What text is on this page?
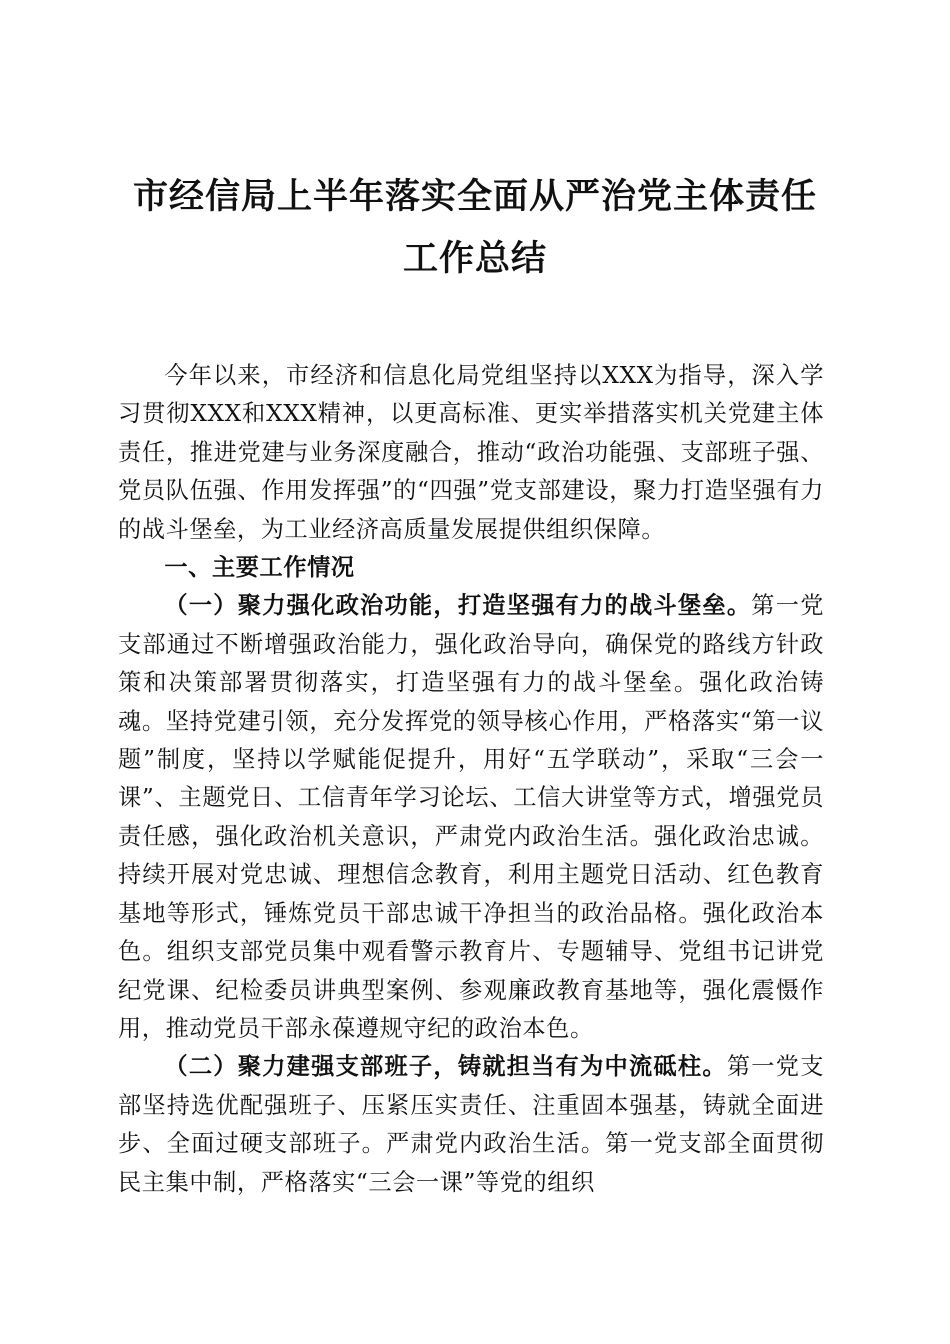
市经信局上半年落实全面从严治党主体责任工作总结

今年以来，市经济和信息化局党组坚持以XXX为指导，深入学习贯彻XXX和XXX精神，以更高标准、更实举措落实机关党建主体责任，推进党建与业务深度融合，推动“政治功能强、支部班子强、党员队伍强、作用发挥强”的“四强”党支部建设，聚力打造坚强有力的战斗堡垒，为工业经济高质量发展提供组织保障。

一、主要工作情况

（一）聚力强化政治功能，打造坚强有力的战斗堡垒。第一党支部通过不断增强政治能力，强化政治导向，确保党的路线方针政策和决策部署贯彻落实，打造坚强有力的战斗堡垒。强化政治铸魂。坚持党建引领，充分发挥党的领导核心作用，严格落实“第一议题”制度，坚持以学赋能促提升，用好“五学联动”，采取“三会一课”、主题党日、工信青年学习论坛、工信大讲堂等方式，增强党员责任感，强化政治机关意识，严肃党内政治生活。强化政治忠诚。持续开展对党忠诚、理想信念教育，利用主题党日活动、红色教育基地等形式，锤炼党员干部忠诚干净担当的政治品格。强化政治本色。组织支部党员集中观看警示教育片、专题辅导、党组书记讲党纪党课、纪检委员讲典型案例、参观廉政教育基地等，强化震慑作用，推动党员干部永葆遵规守纪的政治本色。

（二）聚力建强支部班子，铸就担当有为中流砥柱。第一党支部坚持选优配强班子、压紧压实责任、注重固本强基，铸就全面进步、全面过硬支部班子。严肃党内政治生活。第一党支部全面贯彻民主集中制，严格落实“三会一课”等党的组织
